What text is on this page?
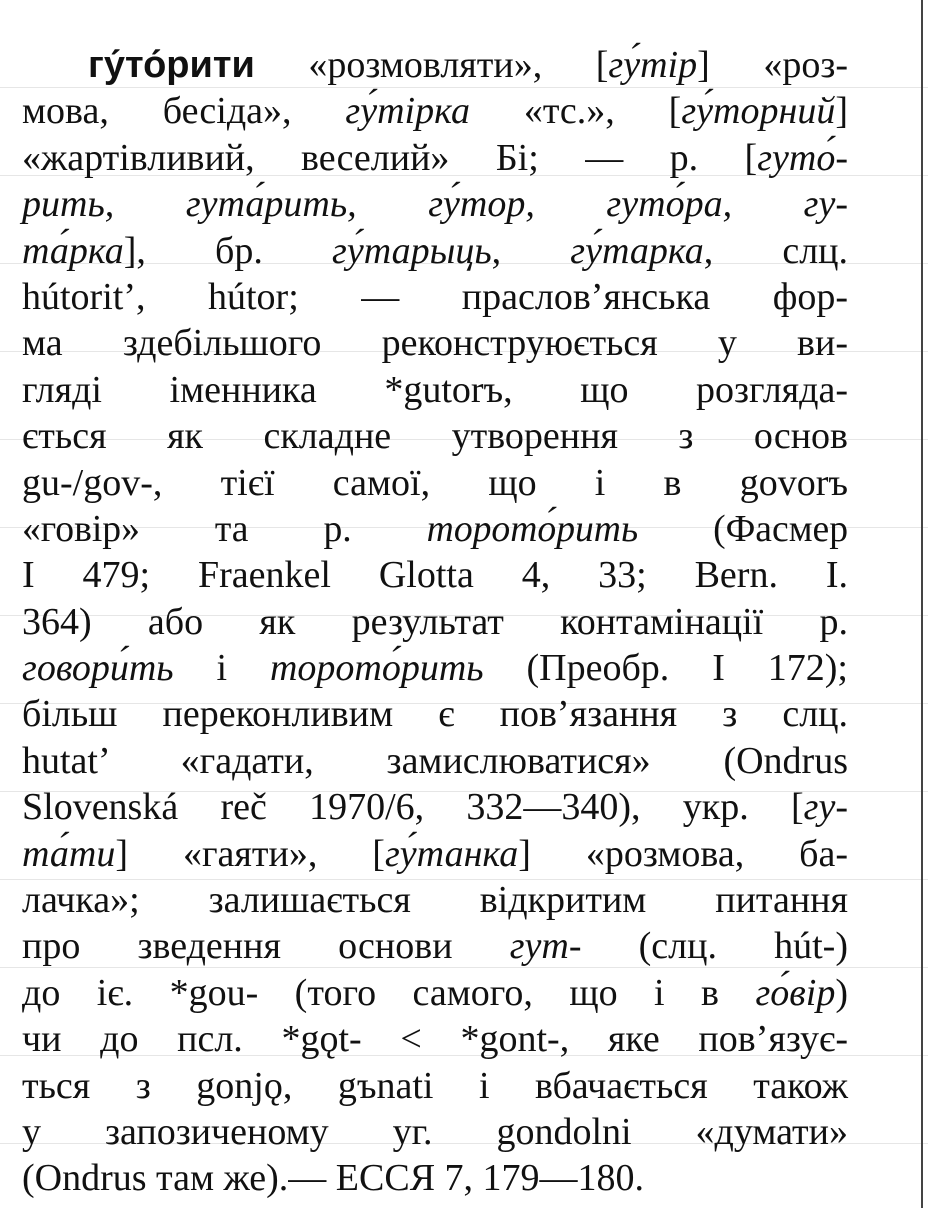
гу́то́рити «розмовляти», [гу́тір] «роз-
мова, бесіда», гу́тірка «тс.», [гу́торний]
«жартівливий, веселий» Бі; — р. [гуто́-
рить, гута́рить, гу́тор, гуто́ра, гу-
та́рка], бр. гу́тарыць, гу́тарка, слц.
hútorit’, hútor; — праслов’янська фор-
ма здебільшого реконструюється у ви-
гляді іменника *gutorъ, що розгляда-
ється як складне утворення з основ
gu-/gov-, тієї самої, що і в govorъ
«говір» та р. торото́рить (Фасмер
I 479; Fraenkel Glotta 4, 33; Bern. I.
364) або як результат контамінації р.
говори́ть і торото́рить (Преобр. I 172);
більш переконливим є пов’язання з слц.
hutat’ «гадати, замислюватися» (Ondrus
Slovenská reč 1970/6, 332—340), укр. [гу-
та́ти] «гаяти», [гу́танка] «розмова, ба-
лачка»; залишається відкритим питання
про зведення основи гут- (слц. hút-)
до іє. *gou- (того самого, що і в го́вір)
чи до псл. *gǫt- < *gont-, яке пов’язує-
ться з gonjǫ, gъnati і вбачається також
у запозиченому уг. gondolni «думати»
(Ondrus там же).— ЕССЯ 7, 179—180.
